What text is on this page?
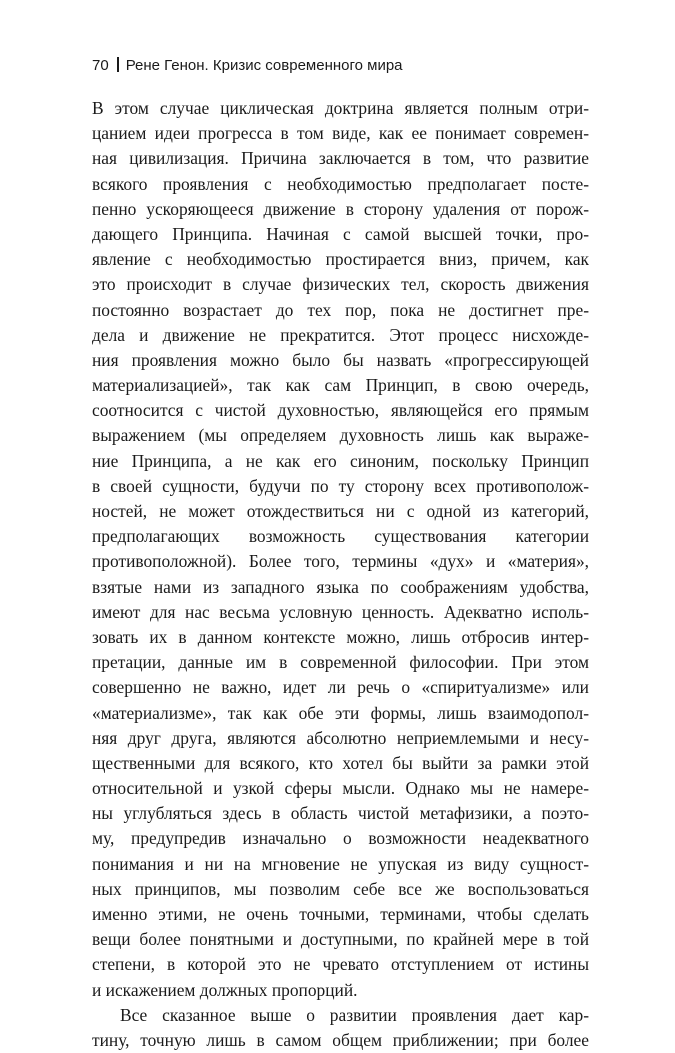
70 Рене Генон. Кризис современного мира
В этом случае циклическая доктрина является полным отри-
цанием идеи прогресса в том виде, как ее понимает современ-
ная цивилизация. Причина заключается в том, что развитие
всякого проявления с необходимостью предполагает посте-
пенно ускоряющееся движение в сторону удаления от порож-
дающего Принципа. Начиная с самой высшей точки, про-
явление с необходимостью простирается вниз, причем, как
это происходит в случае физических тел, скорость движения
постоянно возрастает до тех пор, пока не достигнет пре-
дела и движение не прекратится. Этот процесс нисхожде-
ния проявления можно было бы назвать «прогрессирующей
материализацией», так как сам Принцип, в свою очередь,
соотносится с чистой духовностью, являющейся его прямым
выражением (мы определяем духовность лишь как выраже-
ние Принципа, а не как его синоним, поскольку Принцип
в своей сущности, будучи по ту сторону всех противополож-
ностей, не может отождествиться ни с одной из категорий,
предполагающих возможность существования категории
противоположной). Более того, термины «дух» и «материя»,
взятые нами из западного языка по соображениям удобства,
имеют для нас весьма условную ценность. Адекватно исполь-
зовать их в данном контексте можно, лишь отбросив интер-
претации, данные им в современной философии. При этом
совершенно не важно, идет ли речь о «спиритуализме» или
«материализме», так как обе эти формы, лишь взаимодопол-
няя друг друга, являются абсолютно неприемлемыми и несу-
щественными для всякого, кто хотел бы выйти за рамки этой
относительной и узкой сферы мысли. Однако мы не намере-
ны углубляться здесь в область чистой метафизики, а поэто-
му, предупредив изначально о возможности неадекватного
понимания и ни на мгновение не упуская из виду сущност-
ных принципов, мы позволим себе все же воспользоваться
именно этими, не очень точными, терминами, чтобы сделать
вещи более понятными и доступными, по крайней мере в той
степени, в которой это не чревато отступлением от истины
и искажением должных пропорций.
Все сказанное выше о развитии проявления дает кар-
тину, точную лишь в самом общем приближении; при более
